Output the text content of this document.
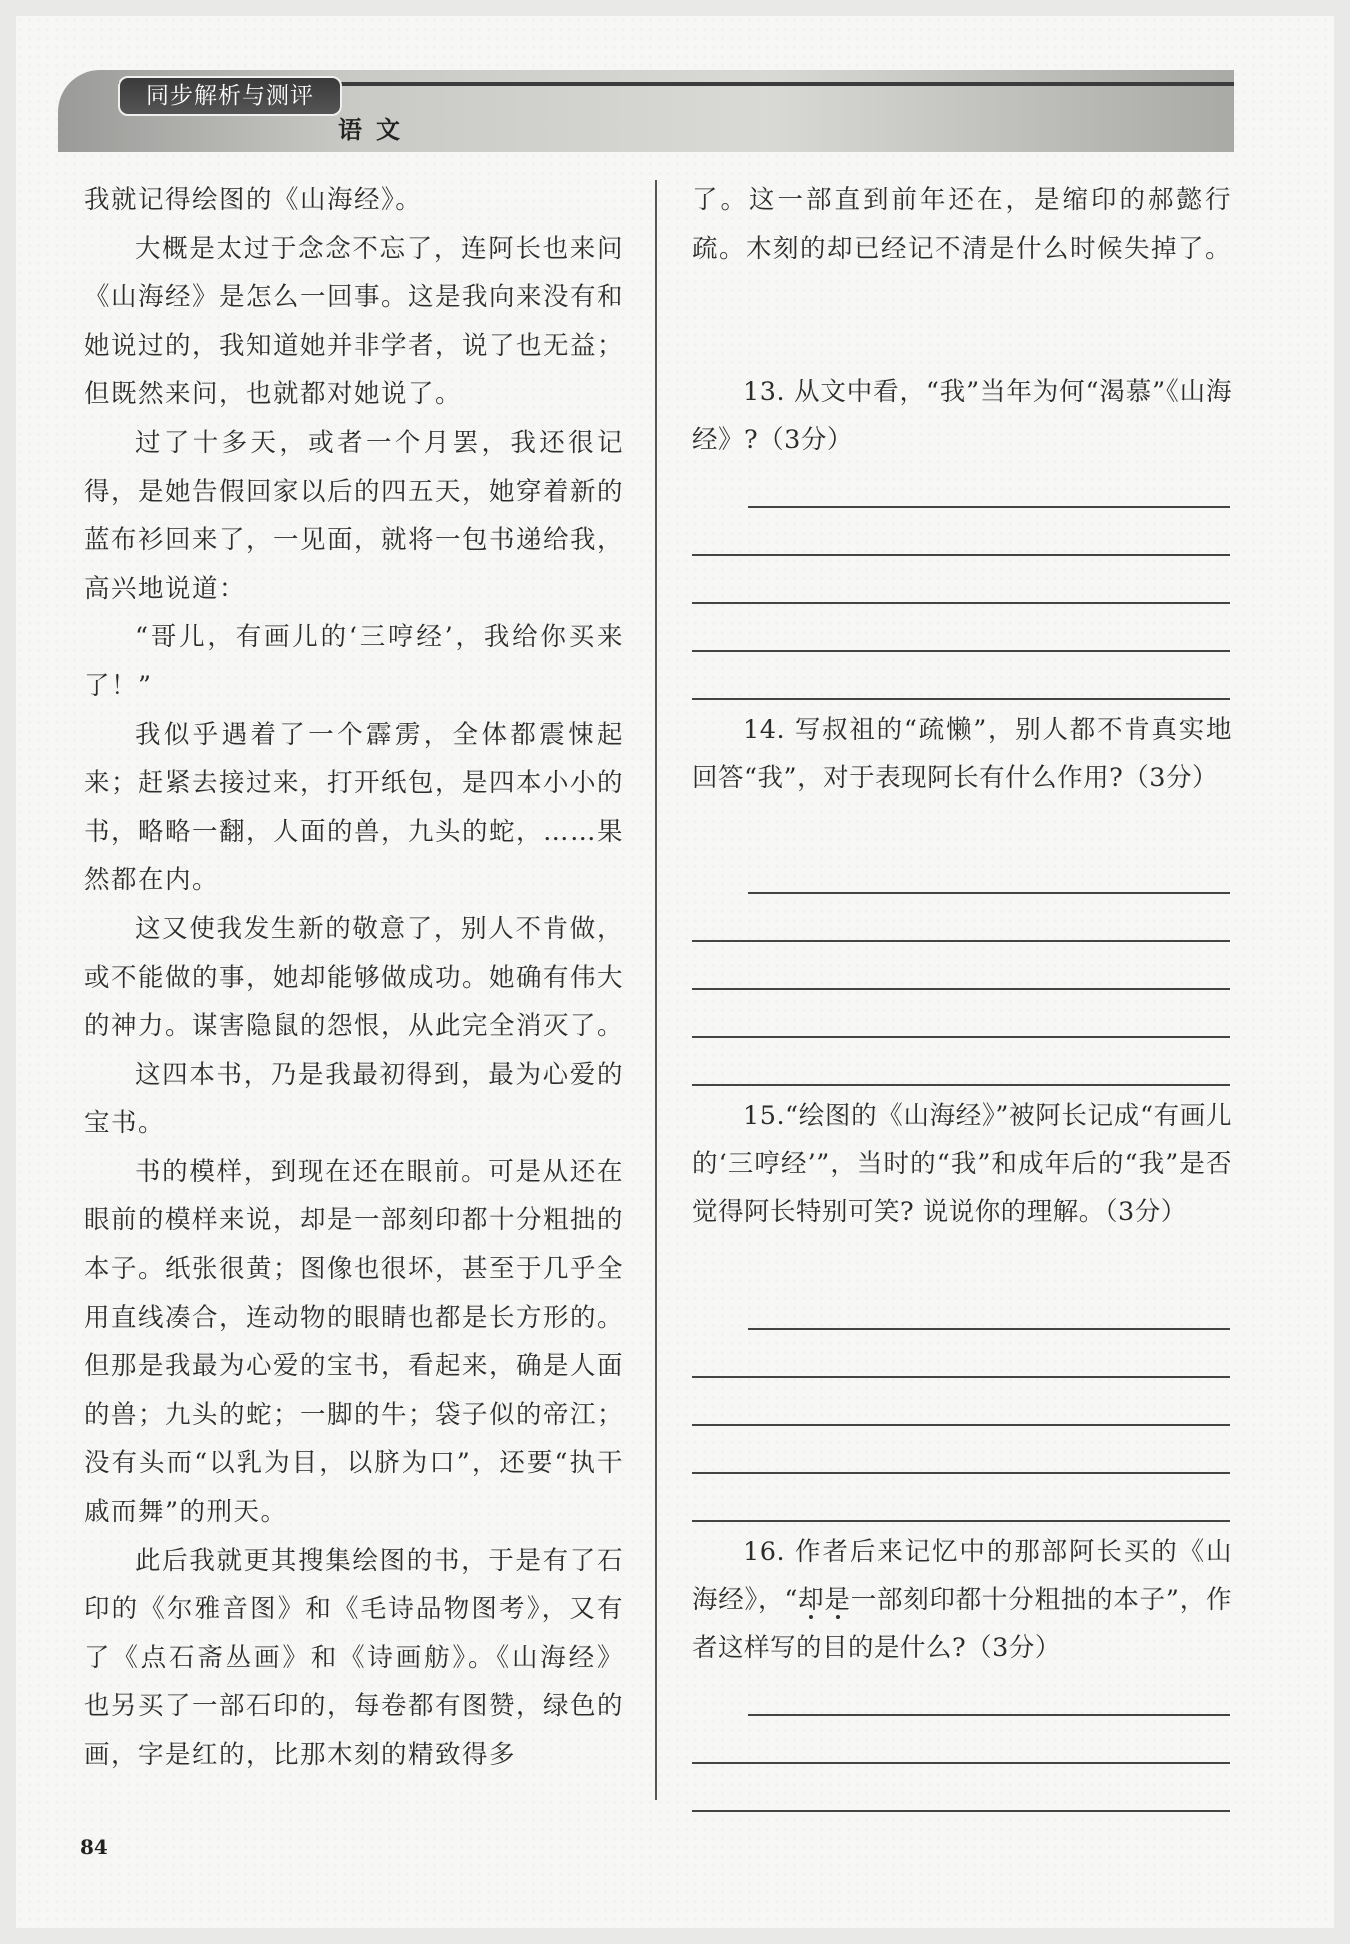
同步解析与测评
语文

我就记得绘图的《山海经》。

大概是太过于念念不忘了，连阿长也来问《山海经》是怎么一回事。这是我向来没有和她说过的，我知道她并非学者，说了也无益；但既然来问，也就都对她说了。

过了十多天，或者一个月罢，我还很记得，是她告假回家以后的四五天，她穿着新的蓝布衫回来了，一见面，就将一包书递给我，高兴地说道：

“哥儿，有画儿的‘三哼经’，我给你买来了！”

我似乎遇着了一个霹雳，全体都震悚起来；赶紧去接过来，打开纸包，是四本小小的书，略略一翻，人面的兽，九头的蛇，……果然都在内。

这又使我发生新的敬意了，别人不肯做，或不能做的事，她却能够做成功。她确有伟大的神力。谋害隐鼠的怨恨，从此完全消灭了。

这四本书，乃是我最初得到，最为心爱的宝书。

书的模样，到现在还在眼前。可是从还在眼前的模样来说，却是一部刻印都十分粗拙的本子。纸张很黄；图像也很坏，甚至于几乎全用直线凑合，连动物的眼睛也都是长方形的。但那是我最为心爱的宝书，看起来，确是人面的兽；九头的蛇；一脚的牛；袋子似的帝江；没有头而“以乳为目，以脐为口”，还要“执干戚而舞”的刑天。

此后我就更其搜集绘图的书，于是有了石印的《尔雅音图》和《毛诗品物图考》，又有了《点石斋丛画》和《诗画舫》。《山海经》也另买了一部石印的，每卷都有图赞，绿色的画，字是红的，比那木刻的精致得多

了。这一部直到前年还在，是缩印的郝懿行疏。木刻的却已经记不清是什么时候失掉了。

13. 从文中看，“我”当年为何“渴慕”《山海经》?（3分）
14. 写叔祖的“疏懒”，别人都不肯真实地回答“我”，对于表现阿长有什么作用?（3分）
15.“绘图的《山海经》”被阿长记成“有画儿的‘三哼经’”，当时的“我”和成年后的“我”是否觉得阿长特别可笑? 说说你的理解。（3分）
16. 作者后来记忆中的那部阿长买的《山海经》，“却是一部刻印都十分粗拙的本子”，作者这样写的目的是什么?（3分）
84
